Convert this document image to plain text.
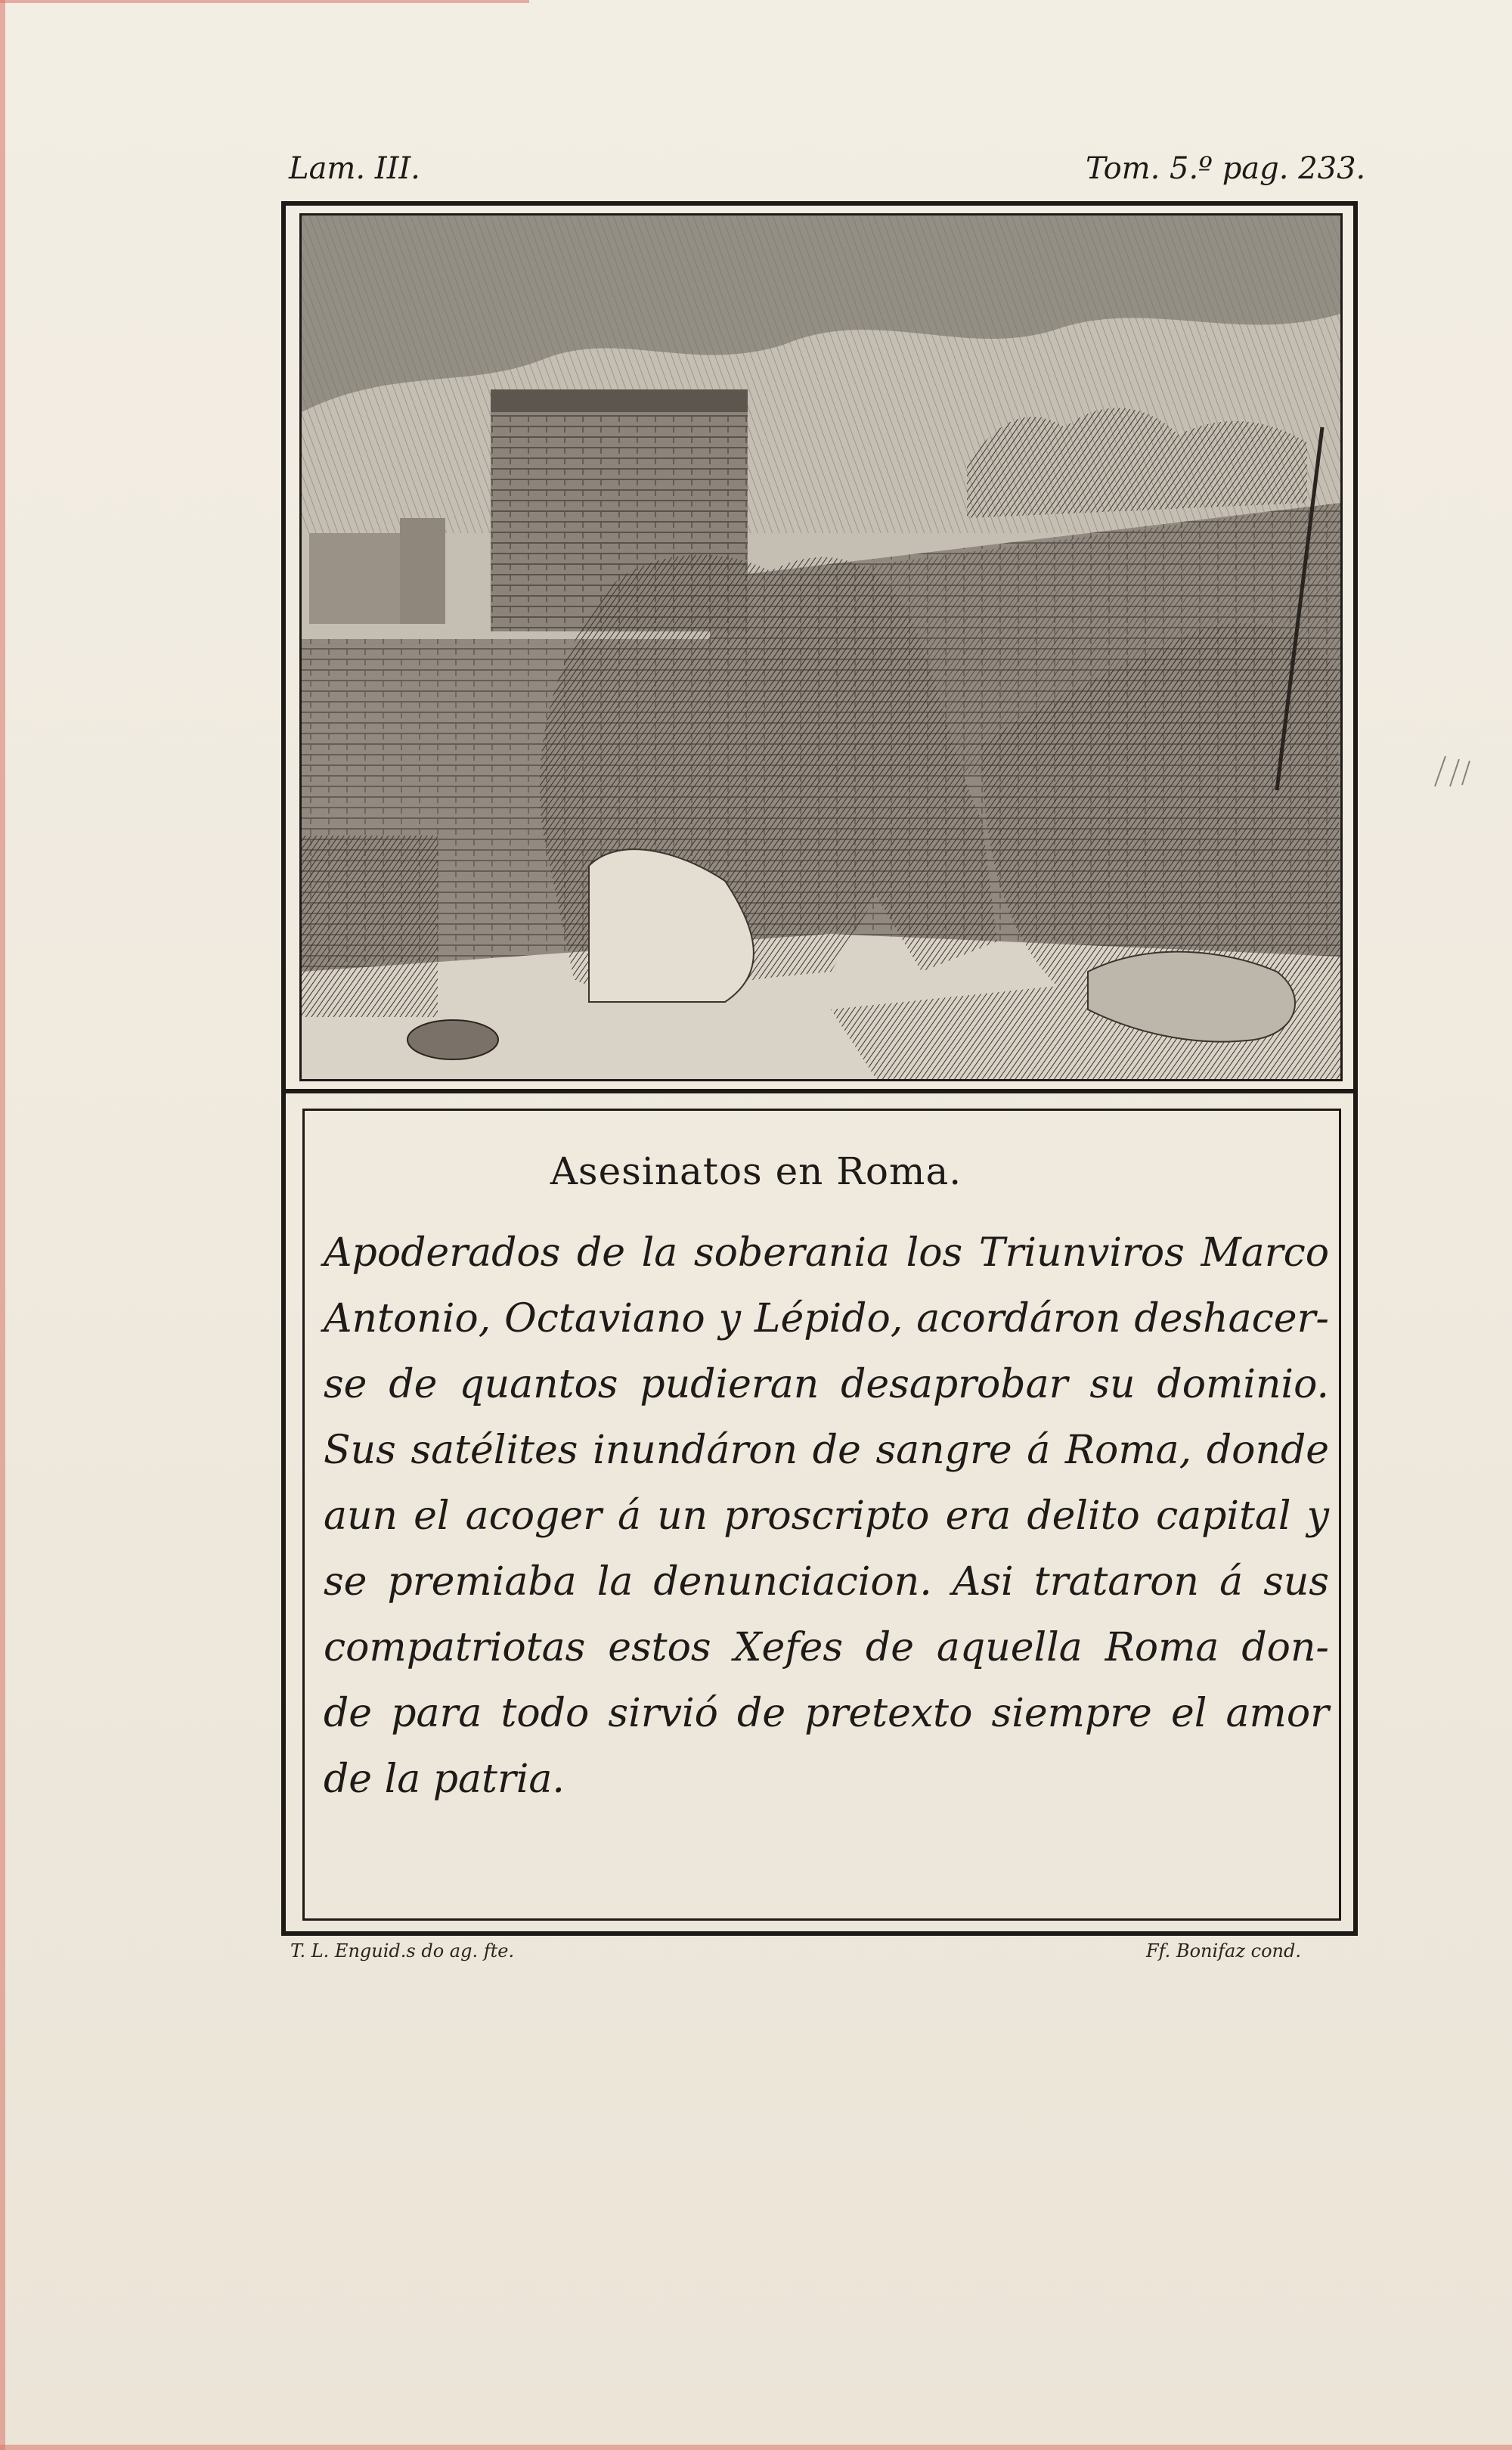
Lam. III.	Tom. 5.º pag. 233.
Asesinatos en Roma.

Apoderados de la soberania los Triunviros Marco
Antonio, Octaviano y Lépido, acordáron deshacer-
se de quantos pudieran desaprobar su dominio.
Sus satélites inundáron de sangre á Roma, donde
aun el acoger á un proscripto era delito capital y
se premiaba la denunciacion. Asi trataron á sus
compatriotas estos Xefes de aquella Roma don-
de para todo sirvió de pretexto siempre el amor
de la patria.

T. L. Enguid.s do ag. fte.	Ff. Bonifaz cond.
